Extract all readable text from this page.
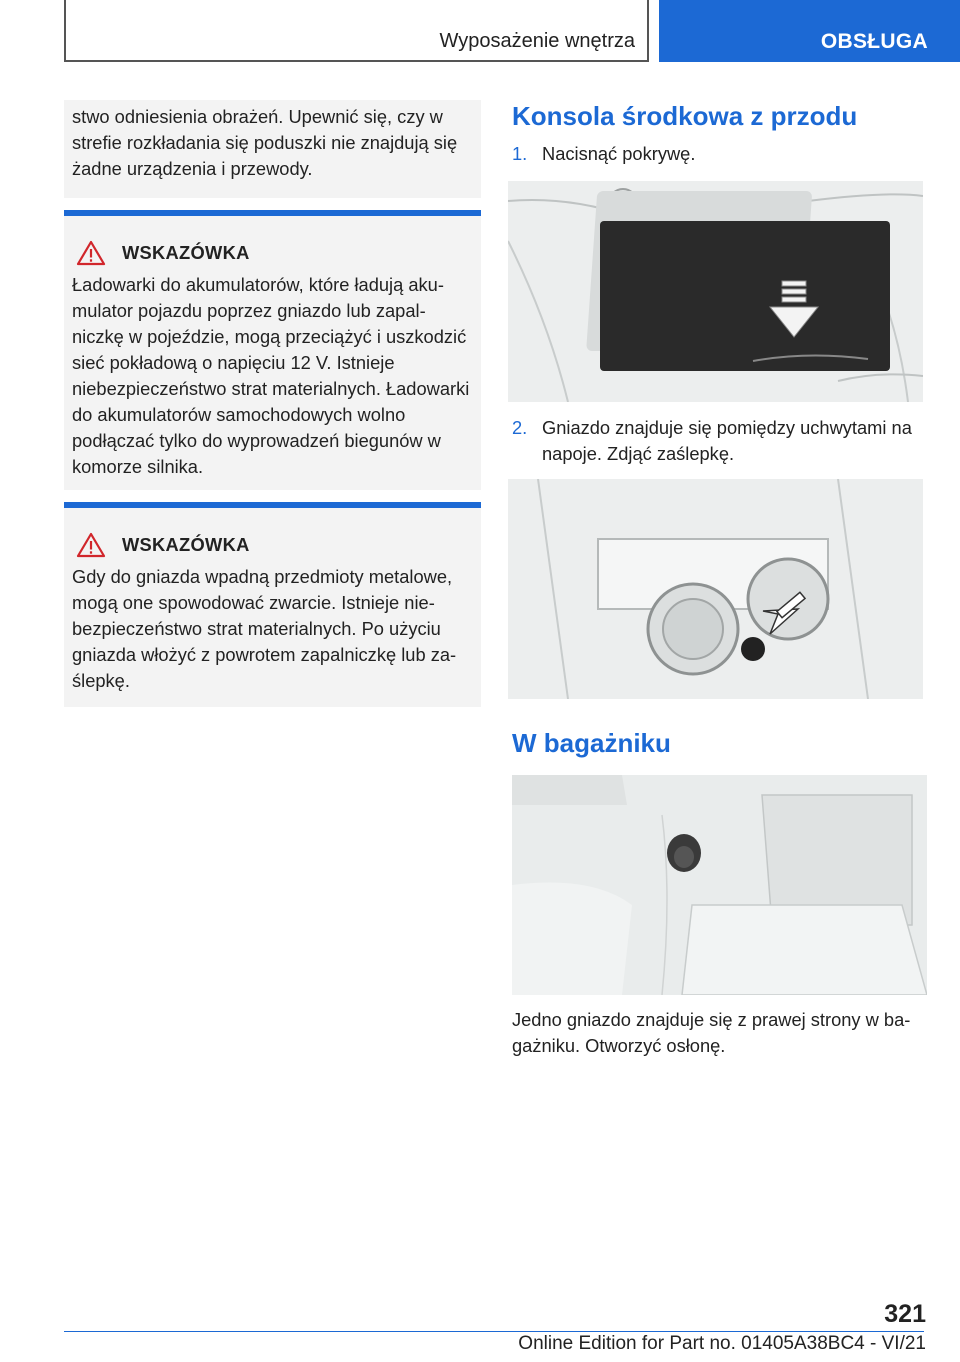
Wyposażenie wnętrza	OBSŁUGA

stwo odniesienia obrażeń. Upewnić się, czy w strefie rozkładania się poduszki nie znajdują się żadne urządzenia i przewody.

WSKAZÓWKA

Ładowarki do akumulatorów, które ładują akumulator pojazdu poprzez gniazdo lub zapalniczkę w pojeździe, mogą przeciążyć i uszkodzić sieć pokładową o napięciu 12 V. Istnieje niebezpieczeństwo strat materialnych. Ładowarki do akumulatorów samochodowych wolno podłączać tylko do wyprowadzeń biegunów w komorze silnika.

WSKAZÓWKA

Gdy do gniazda wpadną przedmioty metalowe, mogą one spowodować zwarcie. Istnieje niebezpieczeństwo strat materialnych. Po użyciu gniazda włożyć z powrotem zapalniczkę lub zaślepkę.

Konsola środkowa z przodu
1. Nacisnąć pokrywę.
2. Gniazdo znajduje się pomiędzy uchwytami na napoje. Zdjąć zaślepkę.
W bagażniku

Jedno gniazdo znajduje się z prawej strony w bagażniku. Otworzyć osłonę.

321
Online Edition for Part no. 01405A38BC4 - VI/21
